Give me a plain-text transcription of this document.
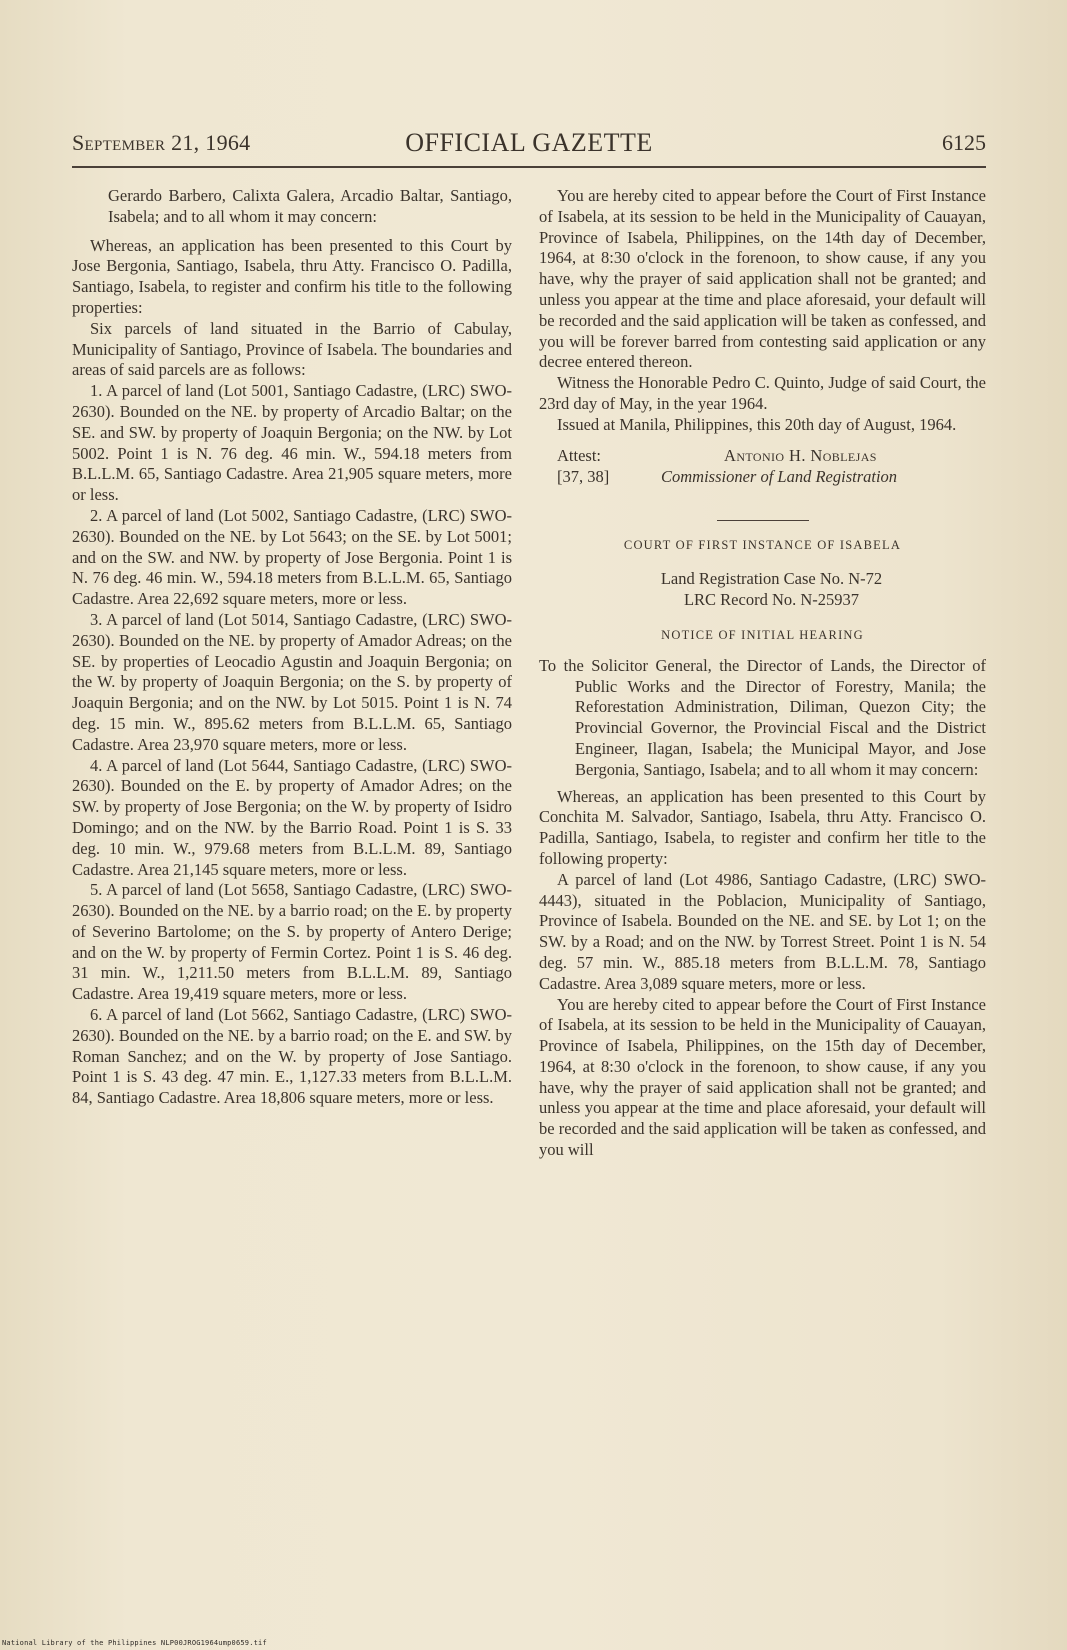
September 21, 1964	OFFICIAL GAZETTE	6125

Gerardo Barbero, Calixta Galera, Arcadio Baltar, Santiago, Isabela; and to all whom it may concern:

Whereas, an application has been presented to this Court by Jose Bergonia, Santiago, Isabela, thru Atty. Francisco O. Padilla, Santiago, Isabela, to register and confirm his title to the following properties:

Six parcels of land situated in the Barrio of Cabulay, Municipality of Santiago, Province of Isabela. The boundaries and areas of said parcels are as follows:

1. A parcel of land (Lot 5001, Santiago Cadastre, (LRC) SWO-2630). Bounded on the NE. by property of Arcadio Baltar; on the SE. and SW. by property of Joaquin Bergonia; on the NW. by Lot 5002. Point 1 is N. 76 deg. 46 min. W., 594.18 meters from B.L.L.M. 65, Santiago Cadastre. Area 21,905 square meters, more or less.

2. A parcel of land (Lot 5002, Santiago Cadastre, (LRC) SWO-2630). Bounded on the NE. by Lot 5643; on the SE. by Lot 5001; and on the SW. and NW. by property of Jose Bergonia. Point 1 is N. 76 deg. 46 min. W., 594.18 meters from B.L.L.M. 65, Santiago Cadastre. Area 22,692 square meters, more or less.

3. A parcel of land (Lot 5014, Santiago Cadastre, (LRC) SWO-2630). Bounded on the NE. by property of Amador Adreas; on the SE. by properties of Leocadio Agustin and Joaquin Bergonia; on the W. by property of Joaquin Bergonia; on the S. by property of Joaquin Bergonia; and on the NW. by Lot 5015. Point 1 is N. 74 deg. 15 min. W., 895.62 meters from B.L.L.M. 65, Santiago Cadastre. Area 23,970 square meters, more or less.

4. A parcel of land (Lot 5644, Santiago Cadastre, (LRC) SWO-2630). Bounded on the E. by property of Amador Adres; on the SW. by property of Jose Bergonia; on the W. by property of Isidro Domingo; and on the NW. by the Barrio Road. Point 1 is S. 33 deg. 10 min. W., 979.68 meters from B.L.L.M. 89, Santiago Cadastre. Area 21,145 square meters, more or less.

5. A parcel of land (Lot 5658, Santiago Cadastre, (LRC) SWO-2630). Bounded on the NE. by a barrio road; on the E. by property of Severino Bartolome; on the S. by property of Antero Derige; and on the W. by property of Fermin Cortez. Point 1 is S. 46 deg. 31 min. W., 1,211.50 meters from B.L.L.M. 89, Santiago Cadastre. Area 19,419 square meters, more or less.

6. A parcel of land (Lot 5662, Santiago Cadastre, (LRC) SWO-2630). Bounded on the NE. by a barrio road; on the E. and SW. by Roman Sanchez; and on the W. by property of Jose Santiago. Point 1 is S. 43 deg. 47 min. E., 1,127.33 meters from B.L.L.M. 84, Santiago Cadastre. Area 18,806 square meters, more or less.

You are hereby cited to appear before the Court of First Instance of Isabela, at its session to be held in the Municipality of Cauayan, Province of Isabela, Philippines, on the 14th day of December, 1964, at 8:30 o'clock in the forenoon, to show cause, if any you have, why the prayer of said application shall not be granted; and unless you appear at the time and place aforesaid, your default will be recorded and the said application will be taken as confessed, and you will be forever barred from contesting said application or any decree entered thereon.

Witness the Honorable Pedro C. Quinto, Judge of said Court, the 23rd day of May, in the year 1964.

Issued at Manila, Philippines, this 20th day of August, 1964.

Attest:
[37, 38]
Antonio H. Noblejas
Commissioner of Land Registration
COURT OF FIRST INSTANCE OF ISABELA

Land Registration Case No. N-72

LRC Record No. N-25937

NOTICE OF INITIAL HEARING

To the Solicitor General, the Director of Lands, the Director of Public Works and the Director of Forestry, Manila; the Reforestation Administration, Diliman, Quezon City; the Provincial Governor, the Provincial Fiscal and the District Engineer, Ilagan, Isabela; the Municipal Mayor, and Jose Bergonia, Santiago, Isabela; and to all whom it may concern:

Whereas, an application has been presented to this Court by Conchita M. Salvador, Santiago, Isabela, thru Atty. Francisco O. Padilla, Santiago, Isabela, to register and confirm her title to the following property:

A parcel of land (Lot 4986, Santiago Cadastre, (LRC) SWO-4443), situated in the Poblacion, Municipality of Santiago, Province of Isabela. Bounded on the NE. and SE. by Lot 1; on the SW. by a Road; and on the NW. by Torrest Street. Point 1 is N. 54 deg. 57 min. W., 885.18 meters from B.L.L.M. 78, Santiago Cadastre. Area 3,089 square meters, more or less.

You are hereby cited to appear before the Court of First Instance of Isabela, at its session to be held in the Municipality of Cauayan, Province of Isabela, Philippines, on the 15th day of December, 1964, at 8:30 o'clock in the forenoon, to show cause, if any you have, why the prayer of said application shall not be granted; and unless you appear at the time and place aforesaid, your default will be recorded and the said application will be taken as confessed, and you will

National Library of the Philippines NLP00JROG1964ump0659.tif
